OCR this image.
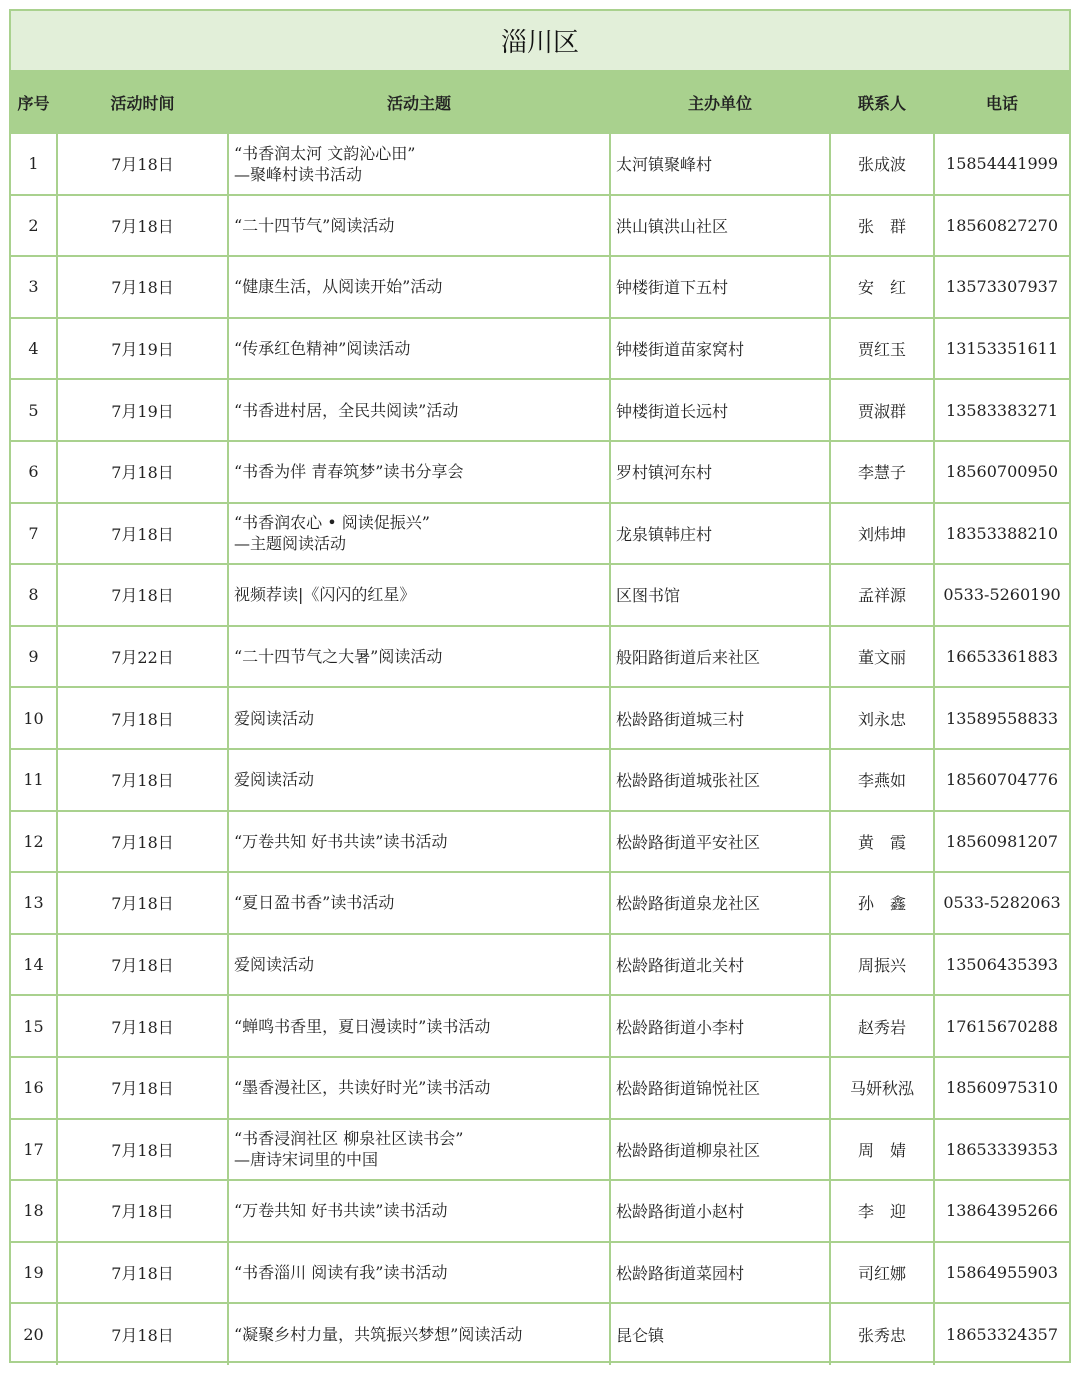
淄川区					
序号	活动时间	活动主题	主办单位	联系人	电话
1	7月18日	“书香润太河 文韵沁心田”
—聚峰村读书活动	太河镇聚峰村	张成波	15854441999
2	7月18日	“二十四节气”阅读活动	洪山镇洪山社区	张　群	18560827270
3	7月18日	“健康生活，从阅读开始”活动	钟楼街道下五村	安　红	13573307937
4	7月19日	“传承红色精神”阅读活动	钟楼街道苗家窝村	贾红玉	13153351611
5	7月19日	“书香进村居，全民共阅读”活动	钟楼街道长远村	贾淑群	13583383271
6	7月18日	“书香为伴 青春筑梦”读书分享会	罗村镇河东村	李慧子	18560700950
7	7月18日	“书香润农心 • 阅读促振兴”
—主题阅读活动	龙泉镇韩庄村	刘炜坤	18353388210
8	7月18日	视频荐读|《闪闪的红星》	区图书馆	孟祥源	0533-5260190
9	7月22日	“二十四节气之大暑”阅读活动	般阳路街道后来社区	董文丽	16653361883
10	7月18日	爱阅读活动	松龄路街道城三村	刘永忠	13589558833
11	7月18日	爱阅读活动	松龄路街道城张社区	李燕如	18560704776
12	7月18日	“万卷共知 好书共读”读书活动	松龄路街道平安社区	黄　霞	18560981207
13	7月18日	“夏日盈书香”读书活动	松龄路街道泉龙社区	孙　鑫	0533-5282063
14	7月18日	爱阅读活动	松龄路街道北关村	周振兴	13506435393
15	7月18日	“蝉鸣书香里，夏日漫读时”读书活动	松龄路街道小李村	赵秀岩	17615670288
16	7月18日	“墨香漫社区，共读好时光”读书活动	松龄路街道锦悦社区	马妍秋泓	18560975310
17	7月18日	“书香浸润社区 柳泉社区读书会”
—唐诗宋词里的中国	松龄路街道柳泉社区	周　婧	18653339353
18	7月18日	“万卷共知 好书共读”读书活动	松龄路街道小赵村	李　迎	13864395266
19	7月18日	“书香淄川 阅读有我”读书活动	松龄路街道菜园村	司红娜	15864955903
20	7月18日	“凝聚乡村力量，共筑振兴梦想”阅读活动	昆仑镇	张秀忠	18653324357
